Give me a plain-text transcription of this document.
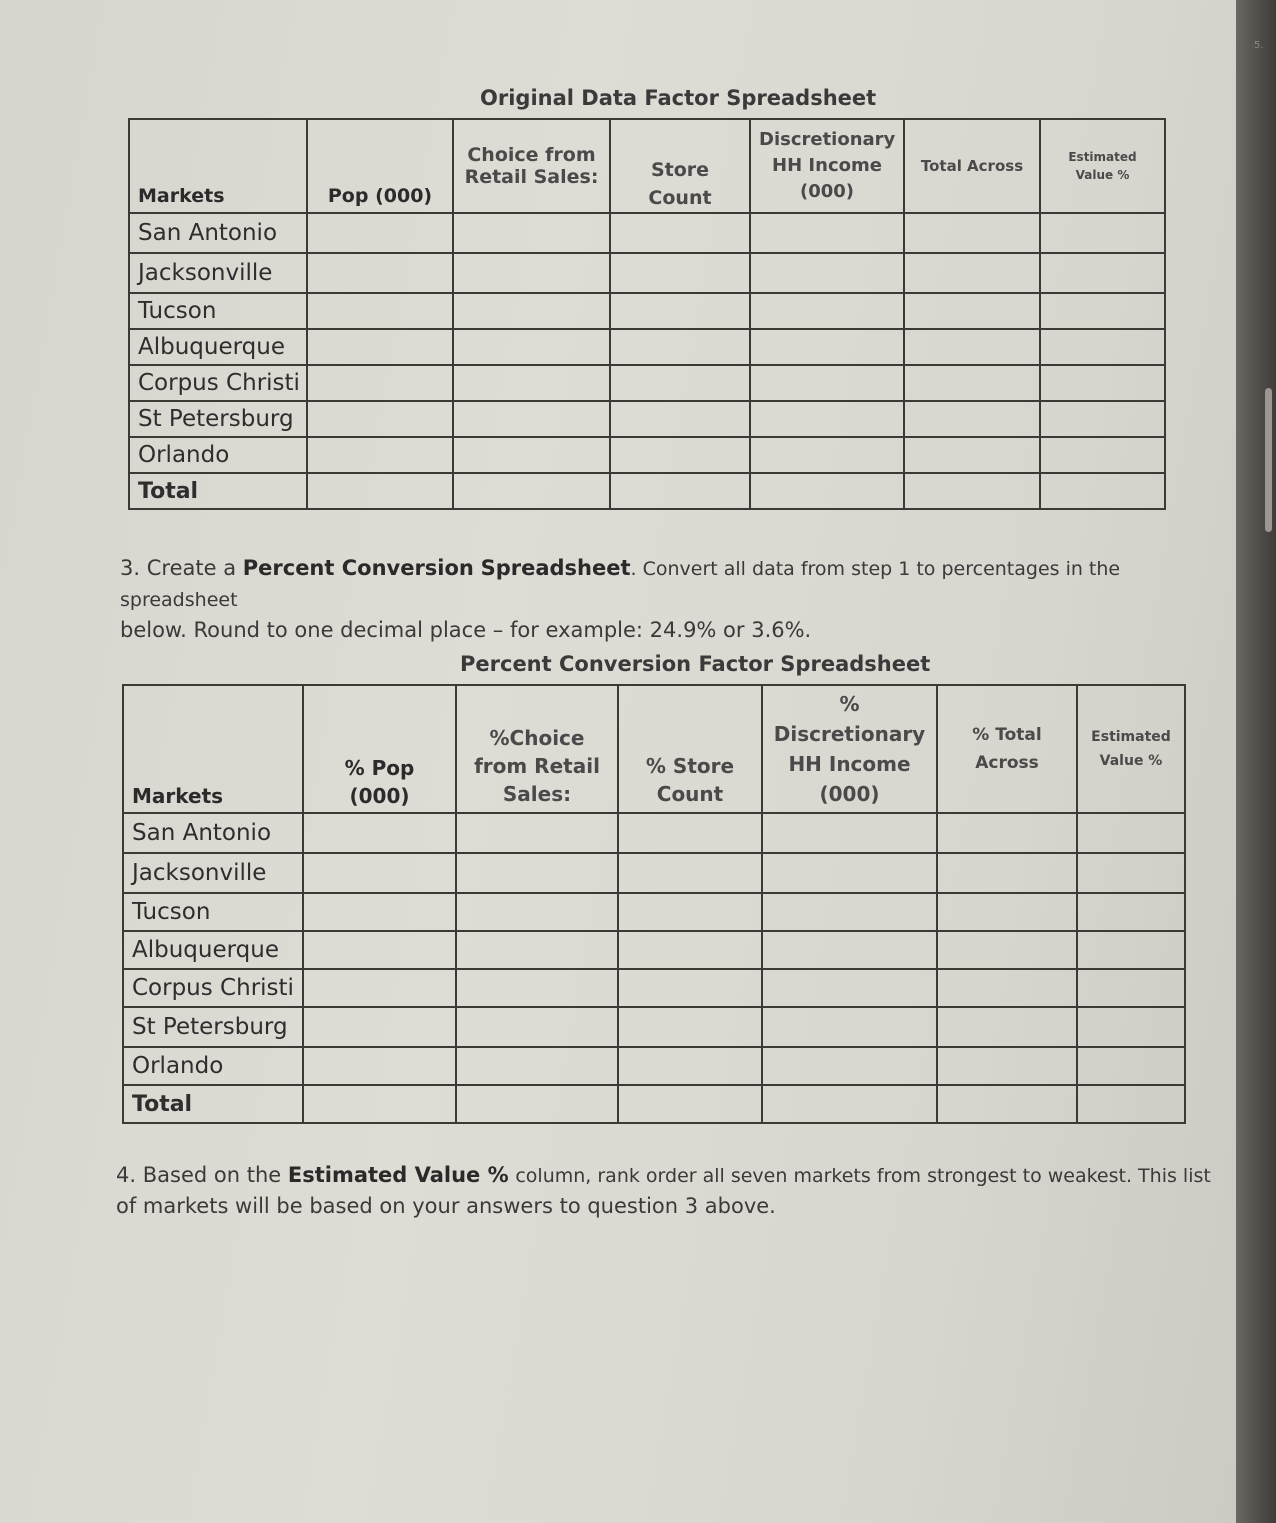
Original Data Factor Spreadsheet
Markets	Pop (000)	Choice from Retail Sales:	Store Count	Discretionary HH Income (000)	Total Across	Estimated Value %
San Antonio						
Jacksonville						
Tucson						
Albuquerque						
Corpus Christi						
St Petersburg						
Orlando						
Total						
3. Create a Percent Conversion Spreadsheet. Convert all data from step 1 to percentages in the spreadsheet
below. Round to one decimal place – for example: 24.9% or 3.6%.
Percent Conversion Factor Spreadsheet
Markets	% Pop (000)	%Choice from Retail Sales:	% Store Count	% Discretionary HH Income (000)	% Total Across	Estimated Value %
San Antonio						
Jacksonville						
Tucson						
Albuquerque						
Corpus Christi						
St Petersburg						
Orlando						
Total						
4. Based on the Estimated Value % column, rank order all seven markets from strongest to weakest. This list
of markets will be based on your answers to question 3 above.
5.
